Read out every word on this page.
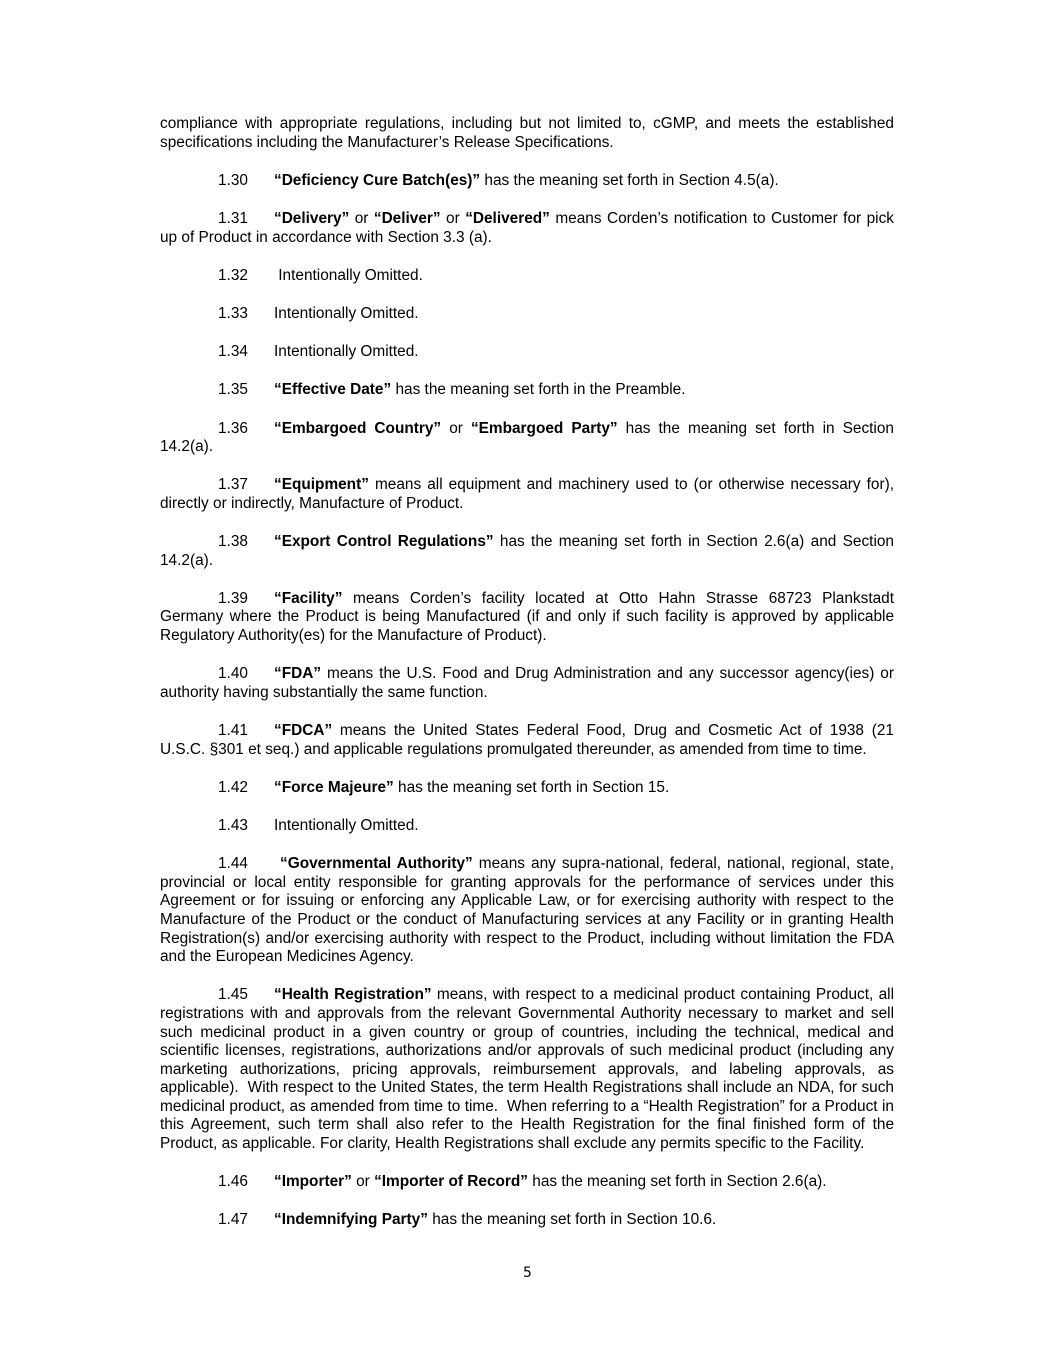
compliance with appropriate regulations, including but not limited to, cGMP, and meets the established specifications including the Manufacturer’s Release Specifications.

1.30 “Deficiency Cure Batch(es)” has the meaning set forth in Section 4.5(a).

1.31 “Delivery” or “Deliver” or “Delivered” means Corden’s notification to Customer for pick up of Product in accordance with Section 3.3 (a).

1.32 Intentionally Omitted.

1.33 Intentionally Omitted.

1.34 Intentionally Omitted.

1.35 “Effective Date” has the meaning set forth in the Preamble.

1.36 “Embargoed Country” or “Embargoed Party” has the meaning set forth in Section 14.2(a).

1.37 “Equipment” means all equipment and machinery used to (or otherwise necessary for), directly or indirectly, Manufacture of Product.

1.38 “Export Control Regulations” has the meaning set forth in Section 2.6(a) and Section 14.2(a).

1.39 “Facility” means Corden’s facility located at Otto Hahn Strasse 68723 Plankstadt Germany where the Product is being Manufactured (if and only if such facility is approved by applicable Regulatory Authority(es) for the Manufacture of Product).

1.40 “FDA” means the U.S. Food and Drug Administration and any successor agency(ies) or authority having substantially the same function.

1.41 “FDCA” means the United States Federal Food, Drug and Cosmetic Act of 1938 (21 U.S.C. §301 et seq.) and applicable regulations promulgated thereunder, as amended from time to time.

1.42 “Force Majeure” has the meaning set forth in Section 15.

1.43 Intentionally Omitted.

1.44 “Governmental Authority” means any supra-national, federal, national, regional, state, provincial or local entity responsible for granting approvals for the performance of services under this Agreement or for issuing or enforcing any Applicable Law, or for exercising authority with respect to the Manufacture of the Product or the conduct of Manufacturing services at any Facility or in granting Health Registration(s) and/or exercising authority with respect to the Product, including without limitation the FDA and the European Medicines Agency.

1.45 “Health Registration” means, with respect to a medicinal product containing Product, all registrations with and approvals from the relevant Governmental Authority necessary to market and sell such medicinal product in a given country or group of countries, including the technical, medical and scientific licenses, registrations, authorizations and/or approvals of such medicinal product (including any marketing authorizations, pricing approvals, reimbursement approvals, and labeling approvals, as applicable).  With respect to the United States, the term Health Registrations shall include an NDA, for such medicinal product, as amended from time to time.  When referring to a “Health Registration” for a Product in this Agreement, such term shall also refer to the Health Registration for the final finished form of the Product, as applicable. For clarity, Health Registrations shall exclude any permits specific to the Facility.

1.46 “Importer” or “Importer of Record” has the meaning set forth in Section 2.6(a).

1.47 “Indemnifying Party” has the meaning set forth in Section 10.6.

5
